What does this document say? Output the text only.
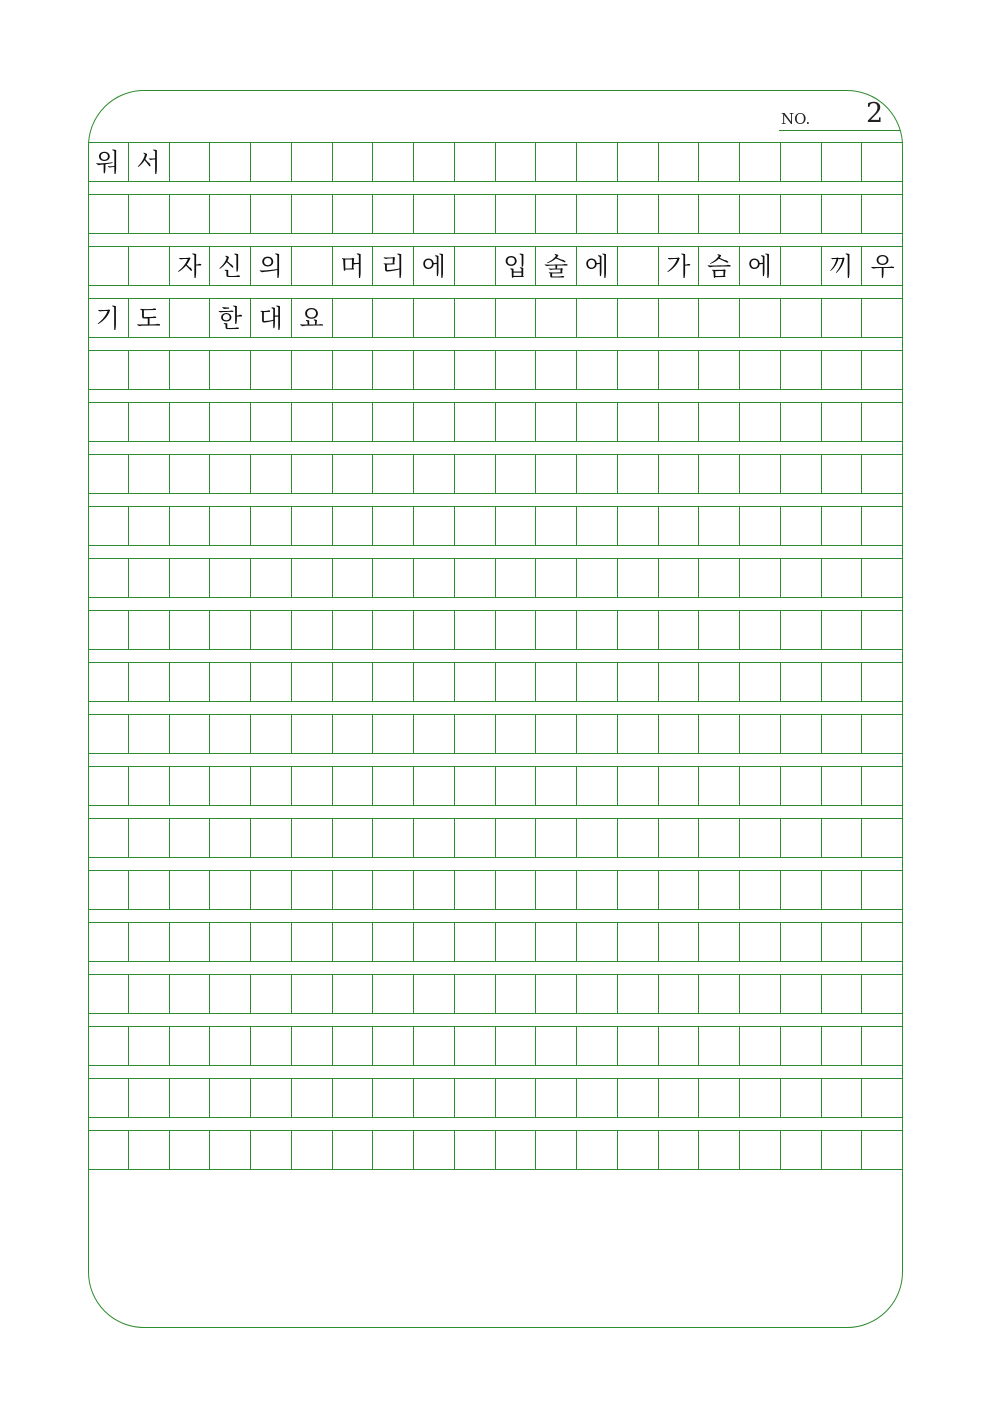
NO. 2
워 서
자 신 의	머 리 에	입 술 에	가 슴 에	끼 우
기 도	한 대 요
